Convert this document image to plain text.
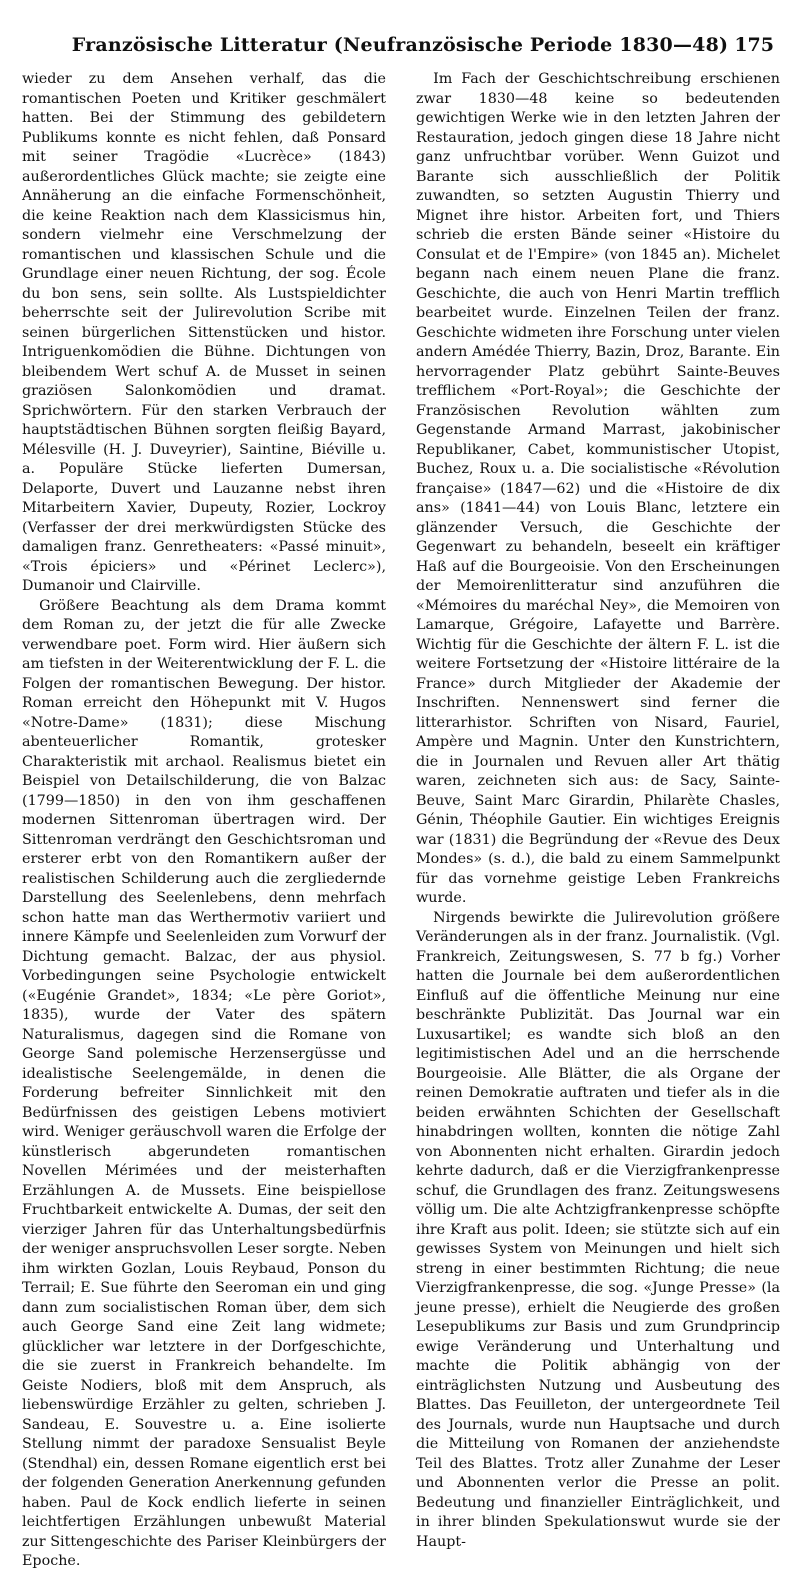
Französische Litteratur (Neufranzösische Periode 1830—48) 175

wieder zu dem Ansehen verhalf, das die romantischen Poeten und Kritiker geschmälert hatten. Bei der Stimmung des gebildetern Publikums konnte es nicht fehlen, daß Ponsard mit seiner Tragödie «Lucrèce» (1843) außerordentliches Glück machte; sie zeigte eine Annäherung an die einfache Formenschönheit, die keine Reaktion nach dem Klassicismus hin, sondern vielmehr eine Verschmelzung der romantischen und klassischen Schule und die Grundlage einer neuen Richtung, der sog. École du bon sens, sein sollte. Als Lustspieldichter beherrschte seit der Julirevolution Scribe mit seinen bürgerlichen Sittenstücken und histor. Intriguenkomödien die Bühne. Dichtungen von bleibendem Wert schuf A. de Musset in seinen graziösen Salonkomödien und dramat. Sprichwörtern. Für den starken Verbrauch der hauptstädtischen Bühnen sorgten fleißig Bayard, Mélesville (H. J. Duveyrier), Saintine, Biéville u. a. Populäre Stücke lieferten Dumersan, Delaporte, Duvert und Lauzanne nebst ihren Mitarbeitern Xavier, Dupeuty, Rozier, Lockroy (Verfasser der drei merkwürdigsten Stücke des damaligen franz. Genretheaters: «Passé minuit», «Trois épiciers» und «Périnet Leclerc»), Dumanoir und Clairville.

Größere Beachtung als dem Drama kommt dem Roman zu, der jetzt die für alle Zwecke verwendbare poet. Form wird. Hier äußern sich am tiefsten in der Weiterentwicklung der F. L. die Folgen der romantischen Bewegung. Der histor. Roman erreicht den Höhepunkt mit V. Hugos «Notre-Dame» (1831); diese Mischung abenteuerlicher Romantik, grotesker Charakteristik mit archaol. Realismus bietet ein Beispiel von Detailschilderung, die von Balzac (1799—1850) in den von ihm geschaffenen modernen Sittenroman übertragen wird. Der Sittenroman verdrängt den Geschichtsroman und ersterer erbt von den Romantikern außer der realistischen Schilderung auch die zergliedernde Darstellung des Seelenlebens, denn mehrfach schon hatte man das Werthermotiv variiert und innere Kämpfe und Seelenleiden zum Vorwurf der Dichtung gemacht. Balzac, der aus physiol. Vorbedingungen seine Psychologie entwickelt («Eugénie Grandet», 1834; «Le père Goriot», 1835), wurde der Vater des spätern Naturalismus, dagegen sind die Romane von George Sand polemische Herzensergüsse und idealistische Seelengemälde, in denen die Forderung befreiter Sinnlichkeit mit den Bedürfnissen des geistigen Lebens motiviert wird. Weniger geräuschvoll waren die Erfolge der künstlerisch abgerundeten romantischen Novellen Mérimées und der meisterhaften Erzählungen A. de Mussets. Eine beispiellose Fruchtbarkeit entwickelte A. Dumas, der seit den vierziger Jahren für das Unterhaltungsbedürfnis der weniger anspruchsvollen Leser sorgte. Neben ihm wirkten Gozlan, Louis Reybaud, Ponson du Terrail; E. Sue führte den Seeroman ein und ging dann zum socialistischen Roman über, dem sich auch George Sand eine Zeit lang widmete; glücklicher war letztere in der Dorfgeschichte, die sie zuerst in Frankreich behandelte. Im Geiste Nodiers, bloß mit dem Anspruch, als liebenswürdige Erzähler zu gelten, schrieben J. Sandeau, E. Souvestre u. a. Eine isolierte Stellung nimmt der paradoxe Sensualist Beyle (Stendhal) ein, dessen Romane eigentlich erst bei der folgenden Generation Anerkennung gefunden haben. Paul de Kock endlich lieferte in seinen leichtfertigen Erzählungen unbewußt Material zur Sittengeschichte des Pariser Kleinbürgers der Epoche.

Im Fach der Geschichtschreibung erschienen zwar 1830—48 keine so bedeutenden gewichtigen Werke wie in den letzten Jahren der Restauration, jedoch gingen diese 18 Jahre nicht ganz unfruchtbar vorüber. Wenn Guizot und Barante sich ausschließlich der Politik zuwandten, so setzten Augustin Thierry und Mignet ihre histor. Arbeiten fort, und Thiers schrieb die ersten Bände seiner «Histoire du Consulat et de l'Empire» (von 1845 an). Michelet begann nach einem neuen Plane die franz. Geschichte, die auch von Henri Martin trefflich bearbeitet wurde. Einzelnen Teilen der franz. Geschichte widmeten ihre Forschung unter vielen andern Amédée Thierry, Bazin, Droz, Barante. Ein hervorragender Platz gebührt Sainte-Beuves trefflichem «Port-Royal»; die Geschichte der Französischen Revolution wählten zum Gegenstande Armand Marrast, jakobinischer Republikaner, Cabet, kommunistischer Utopist, Buchez, Roux u. a. Die socialistische «Révolution française» (1847—62) und die «Histoire de dix ans» (1841—44) von Louis Blanc, letztere ein glänzender Versuch, die Geschichte der Gegenwart zu behandeln, beseelt ein kräftiger Haß auf die Bourgeoisie. Von den Erscheinungen der Memoirenlitteratur sind anzuführen die «Mémoires du maréchal Ney», die Memoiren von Lamarque, Grégoire, Lafayette und Barrère. Wichtig für die Geschichte der ältern F. L. ist die weitere Fortsetzung der «Histoire littéraire de la France» durch Mitglieder der Akademie der Inschriften. Nennenswert sind ferner die litterarhistor. Schriften von Nisard, Fauriel, Ampère und Magnin. Unter den Kunstrichtern, die in Journalen und Revuen aller Art thätig waren, zeichneten sich aus: de Sacy, Sainte-Beuve, Saint Marc Girardin, Philarète Chasles, Génin, Théophile Gautier. Ein wichtiges Ereignis war (1831) die Begründung der «Revue des Deux Mondes» (s. d.), die bald zu einem Sammelpunkt für das vornehme geistige Leben Frankreichs wurde.

Nirgends bewirkte die Julirevolution größere Veränderungen als in der franz. Journalistik. (Vgl. Frankreich, Zeitungswesen, S. 77 b fg.) Vorher hatten die Journale bei dem außerordentlichen Einfluß auf die öffentliche Meinung nur eine beschränkte Publizität. Das Journal war ein Luxusartikel; es wandte sich bloß an den legitimistischen Adel und an die herrschende Bourgeoisie. Alle Blätter, die als Organe der reinen Demokratie auftraten und tiefer als in die beiden erwähnten Schichten der Gesellschaft hinabdringen wollten, konnten die nötige Zahl von Abonnenten nicht erhalten. Girardin jedoch kehrte dadurch, daß er die Vierzigfrankenpresse schuf, die Grundlagen des franz. Zeitungswesens völlig um. Die alte Achtzigfrankenpresse schöpfte ihre Kraft aus polit. Ideen; sie stützte sich auf ein gewisses System von Meinungen und hielt sich streng in einer bestimmten Richtung; die neue Vierzigfrankenpresse, die sog. «Junge Presse» (la jeune presse), erhielt die Neugierde des großen Lesepublikums zur Basis und zum Grundprincip ewige Veränderung und Unterhaltung und machte die Politik abhängig von der einträglichsten Nutzung und Ausbeutung des Blattes. Das Feuilleton, der untergeordnete Teil des Journals, wurde nun Hauptsache und durch die Mitteilung von Romanen der anziehendste Teil des Blattes. Trotz aller Zunahme der Leser und Abonnenten verlor die Presse an polit. Bedeutung und finanzieller Einträglichkeit, und in ihrer blinden Spekulationswut wurde sie der Haupt-
